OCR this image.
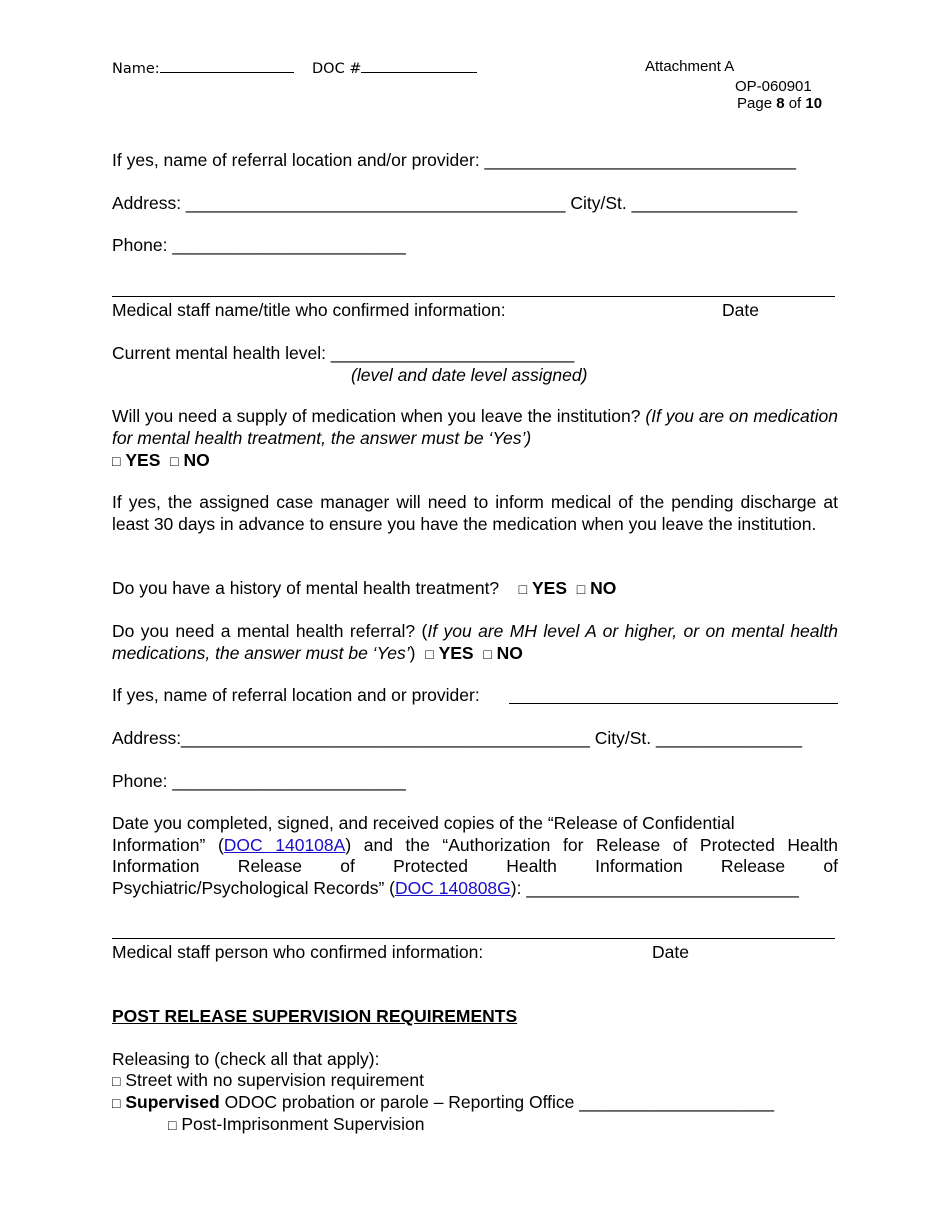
Name:	DOC #	Attachment A
OP-060901
Page 8 of 10
If yes, name of referral location and/or provider: ________________________________
Address: _______________________________________ City/St. _________________
Phone: ________________________
Medical staff name/title who confirmed information:	Date
Current mental health level: _________________________
(level and date level assigned)
Will you need a supply of medication when you leave the institution? (If you are on medication for mental health treatment, the answer must be ‘Yes’)
□ YES □ NO
If yes, the assigned case manager will need to inform medical of the pending discharge at least 30 days in advance to ensure you have the medication when you leave the institution.
Do you have a history of mental health treatment? □ YES □ NO
Do you need a mental health referral? (If you are MH level A or higher, or on mental health medications, the answer must be ‘Yes’) □ YES □ NO
If yes, name of referral location and or provider:
Address:__________________________________________ City/St. _______________
Phone: ________________________
Date you completed, signed, and received copies of the “Release of Confidential
Information” (DOC 140108A) and the “Authorization for Release of Protected Health
Information Release of Protected Health Information Release of
Psychiatric/Psychological Records” (DOC 140808G): ____________________________
Medical staff person who confirmed information:	Date
POST RELEASE SUPERVISION REQUIREMENTS
Releasing to (check all that apply):
□ Street with no supervision requirement
□ Supervised ODOC probation or parole – Reporting Office ____________________
□ Post-Imprisonment Supervision
